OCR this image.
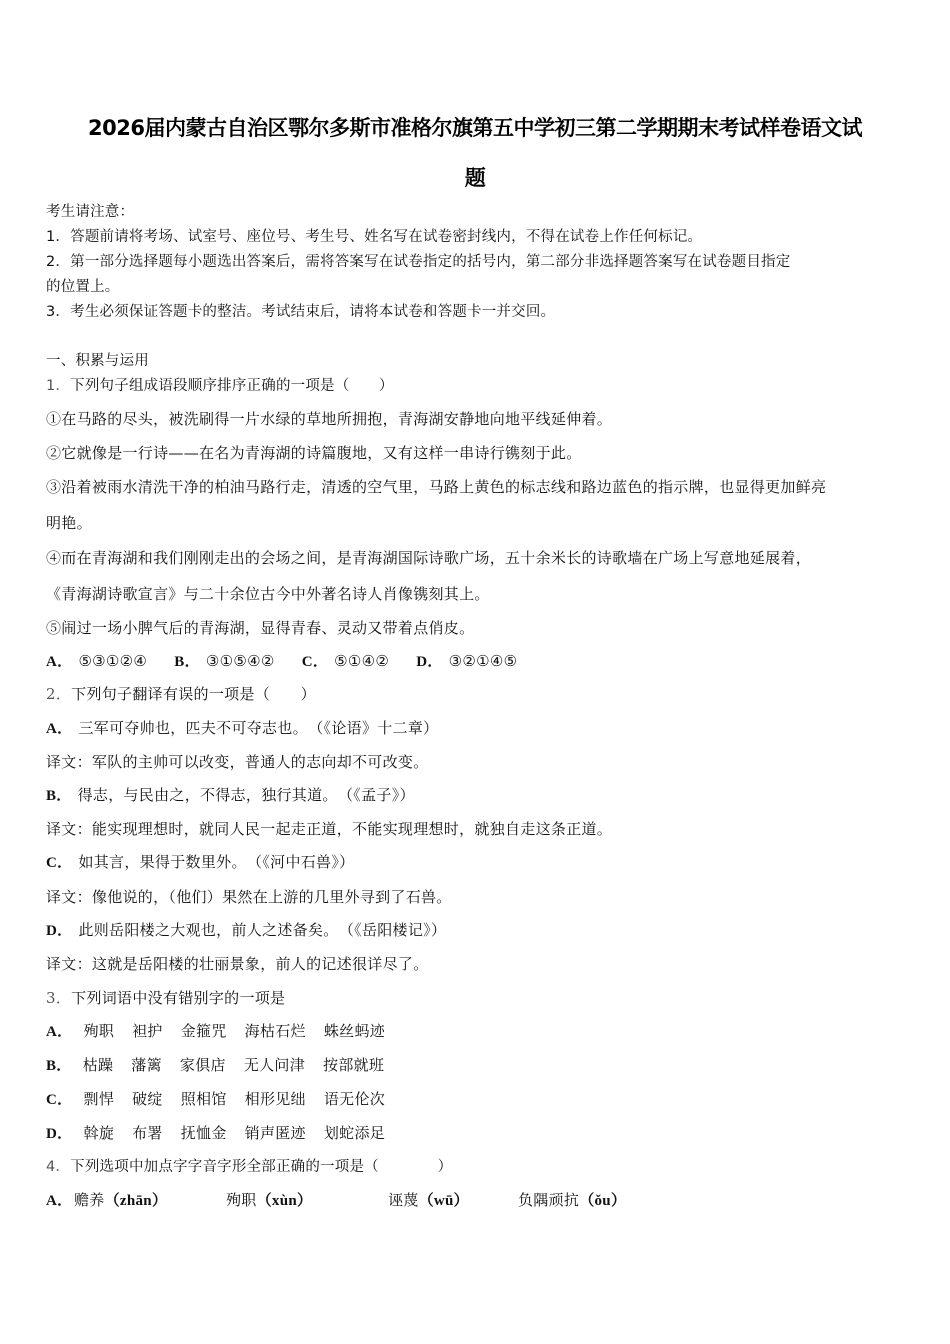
2026届内蒙古自治区鄂尔多斯市准格尔旗第五中学初三第二学期期末考试样卷语文试
题
考生请注意：
1．答题前请将考场、试室号、座位号、考生号、姓名写在试卷密封线内，不得在试卷上作任何标记。
2．第一部分选择题每小题选出答案后，需将答案写在试卷指定的括号内，第二部分非选择题答案写在试卷题目指定
的位置上。
3．考生必须保证答题卡的整洁。考试结束后，请将本试卷和答题卡一并交回。
一、积累与运用
1．下列句子组成语段顺序排序正确的一项是（　　）
①在马路的尽头，被洗刷得一片水绿的草地所拥抱，青海湖安静地向地平线延伸着。
②它就像是一行诗——在名为青海湖的诗篇腹地，又有这样一串诗行镌刻于此。
③沿着被雨水清洗干净的柏油马路行走，清透的空气里，马路上黄色的标志线和路边蓝色的指示牌，也显得更加鲜亮
明艳。
④而在青海湖和我们刚刚走出的会场之间，是青海湖国际诗歌广场，五十余米长的诗歌墙在广场上写意地延展着，
《青海湖诗歌宣言》与二十余位古今中外著名诗人肖像镌刻其上。
⑤闹过一场小脾气后的青海湖，显得青春、灵动又带着点俏皮。
A． ⑤③①②④ B． ③①⑤④② C． ⑤①④② D． ③②①④⑤
2．下列句子翻译有误的一项是（　　）
A． 三军可夺帅也，匹夫不可夺志也。　（《论语》十二章）
译文：军队的主帅可以改变，普通人的志向却不可改变。
B． 得志，与民由之，不得志，独行其道。　（《孟子》）
译文：能实现理想时，就同人民一起走正道，不能实现理想时，就独自走这条正道。
C． 如其言，果得于数里外。　（《河中石兽》）
译文：像他说的，（他们）果然在上游的几里外寻到了石兽。
D． 此则岳阳楼之大观也，前人之述备矣。　（《岳阳楼记》）
译文：这就是岳阳楼的壮丽景象，前人的记述很详尽了。
3．下列词语中没有错别字的一项是
A． 殉职 袒护 金箍咒 海枯石烂 蛛丝蚂迹
B． 枯躁 藩篱 家俱店 无人问津 按部就班
C． 剽悍 破绽 照相馆 相形见绌 语无伦次
D． 斡旋 布署 抚恤金 销声匿迹 划蛇添足
4．下列选项中加点字字音字形全部正确的一项是（　　　　）
A． 赡养（zhān）	殉职（xùn）	诬蔑（wū）	负隅顽抗（ǒu）
